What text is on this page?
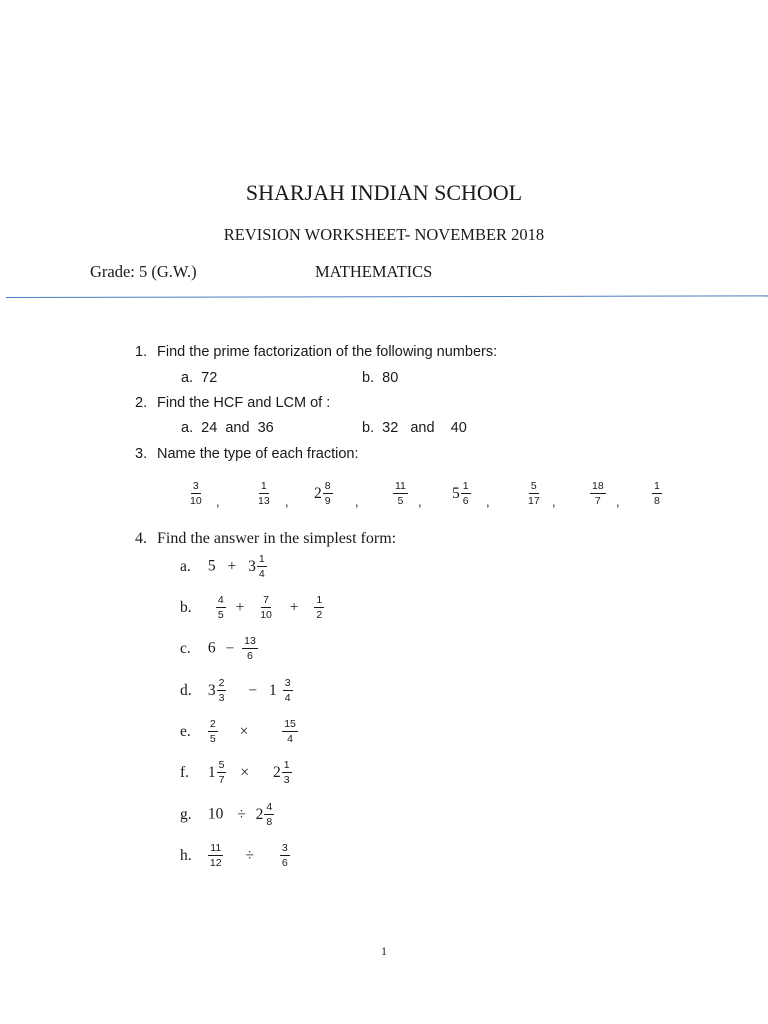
SHARJAH INDIAN SCHOOL
REVISION WORKSHEET- NOVEMBER 2018
Grade: 5 (G.W.)	MATHEMATICS
1. Find the prime factorization of the following numbers:
a. 72	b. 80
2. Find the HCF and LCM of :
a. 24  and  36	b. 32   and    40
3. Name the type of each fraction:
$\frac{3}{10}$	$\frac{1}{13}$	$2 \frac{8}{9}$	$\frac{11}{5}$	$5 \frac{1}{6}$	$\frac{5}{17}$	$\frac{18}{7}$	$\frac{1}{8}$
,	,	,	,	,	,	,
4. Find the answer in the simplest form:
a. $5 + 3 \frac{1}{4}$
b. $\frac{4}{5} + \frac{7}{10} + \frac{1}{2}$
c. $6 - \frac{13}{6}$
d. $3 \frac{2}{3} - 1 \frac{3}{4}$
e. $\frac{2}{5}$ ×	$\frac{15}{4}$
f. $1 \frac{5}{7} \times 2 \frac{1}{3}$
g. $10 \div 2 \frac{4}{8}$
h. $\frac{11}{12} \div \frac{3}{6}$
1
